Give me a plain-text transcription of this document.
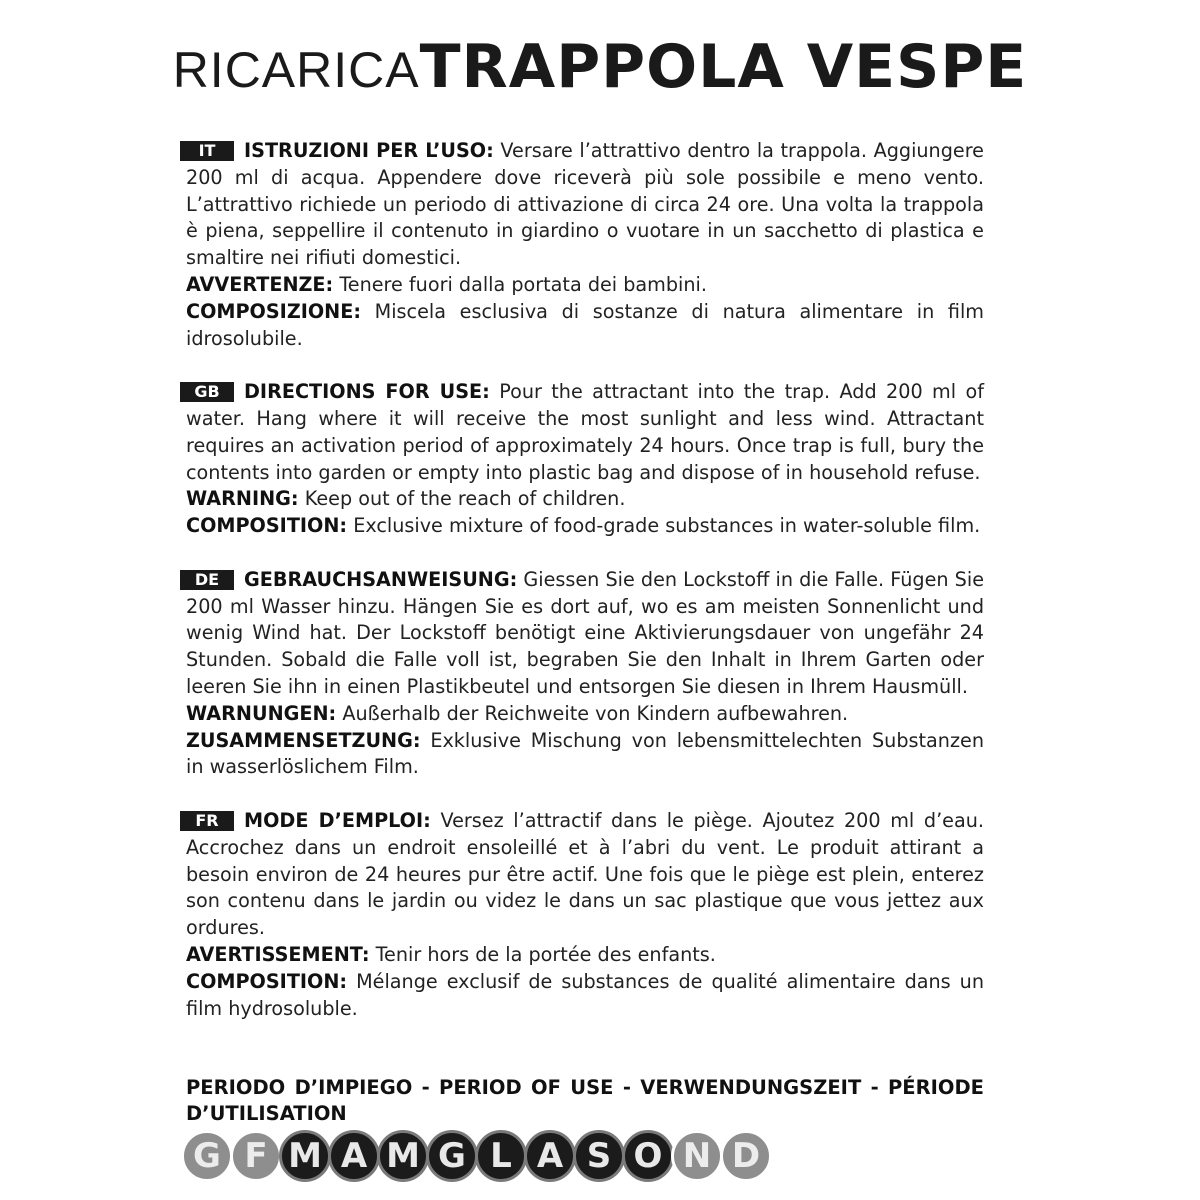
RICARICATRAPPOLA VESPE

IT ISTRUZIONI PER L’USO: Versare l’attrattivo dentro la trappola. Aggiungere 200 ml di acqua. Appendere dove riceverà più sole possibile e meno vento. L’attrattivo richiede un periodo di attivazione di circa 24 ore. Una volta la trappola è piena, seppellire il contenuto in giardino o vuotare in un sacchetto di plastica e smaltire nei rifiuti domestici.

AVVERTENZE: Tenere fuori dalla portata dei bambini.

COMPOSIZIONE: Miscela esclusiva di sostanze di natura alimentare in film idrosolubile.

GB DIRECTIONS FOR USE: Pour the attractant into the trap. Add 200 ml of water. Hang where it will receive the most sunlight and less wind. Attractant requires an activation period of approximately 24 hours. Once trap is full, bury the contents into garden or empty into plastic bag and dispose of in household refuse.

WARNING: Keep out of the reach of children.

COMPOSITION: Exclusive mixture of food-grade substances in water-soluble film.

DE GEBRAUCHSANWEISUNG: Giessen Sie den Lockstoff in die Falle. Fügen Sie 200 ml Wasser hinzu. Hängen Sie es dort auf, wo es am meisten Sonnenlicht und wenig Wind hat. Der Lockstoff benötigt eine Aktivierungsdauer von ungefähr 24 Stunden. Sobald die Falle voll ist, begraben Sie den Inhalt in Ihrem Garten oder leeren Sie ihn in einen Plastikbeutel und entsorgen Sie diesen in Ihrem Hausmüll.

WARNUNGEN: Außerhalb der Reichweite von Kindern aufbewahren.

ZUSAMMENSETZUNG: Exklusive Mischung von lebensmittelechten Substanzen in wasserlöslichem Film.

FR MODE D’EMPLOI: Versez l’attractif dans le piège. Ajoutez 200 ml d’eau. Accrochez dans un endroit ensoleillé et à l’abri du vent. Le produit attirant a besoin environ de 24 heures pur être actif. Une fois que le piège est plein, enterez son contenu dans le jardin ou videz le dans un sac plastique que vous jettez aux ordures.

AVERTISSEMENT: Tenir hors de la portée des enfants.

COMPOSITION: Mélange exclusif de substances de qualité alimentaire dans un film hydrosoluble.

PERIODO D’IMPIEGO - PERIOD OF USE - VERWENDUNGSZEIT - PÉRIODE D’UTILISATION
G F M A M G L A S O N D
